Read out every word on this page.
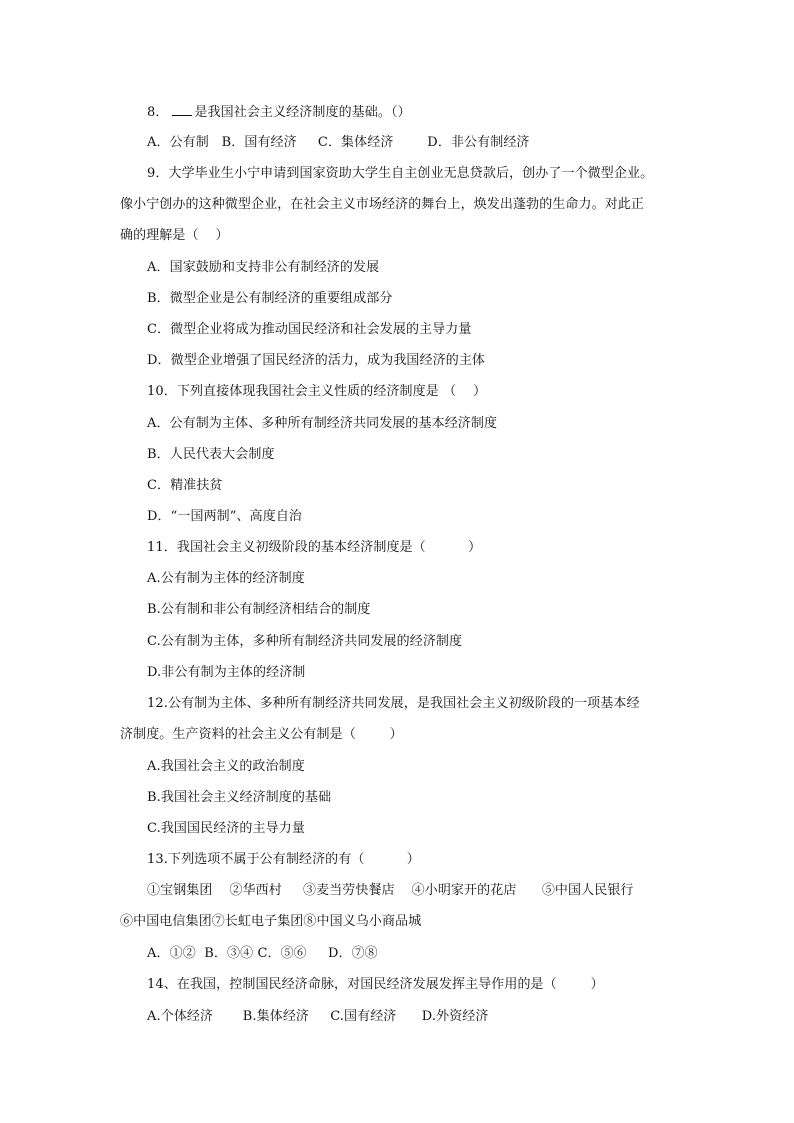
8． 是我国社会主义经济制度的基础。（）
A．公有制   B．国有经济     C．集体经济        D．非公有制经济
9．大学毕业生小宁申请到国家资助大学生自主创业无息贷款后，创办了一个微型企业。
像小宁创办的这种微型企业，在社会主义市场经济的舞台上，焕发出蓬勃的生命力。对此正
确的理解是（    ）
A．国家鼓励和支持非公有制经济的发展
B．微型企业是公有制经济的重要组成部分
C．微型企业将成为推动国民经济和社会发展的主导力量
D．微型企业增强了国民经济的活力，成为我国经济的主体
10．下列直接体现我国社会主义性质的经济制度是 （    ）
A．公有制为主体、多种所有制经济共同发展的基本经济制度
B．人民代表大会制度
C．精准扶贫
D．“一国两制”、高度自治
11．我国社会主义初级阶段的基本经济制度是（          ）
A.公有制为主体的经济制度
B.公有制和非公有制经济相结合的制度
C.公有制为主体，多种所有制经济共同发展的经济制度
D.非公有制为主体的经济制
12.公有制为主体、多种所有制经济共同发展，是我国社会主义初级阶段的一项基本经
济制度。生产资料的社会主义公有制是（        ）
A.我国社会主义的政治制度
B.我国社会主义经济制度的基础
C.我国国民经济的主导力量
13.下列选项不属于公有制经济的有（          ）
①宝钢集团    ②华西村     ③麦当劳快餐店    ④小明家开的花店      ⑤中国人民银行
⑥中国电信集团⑦长虹电子集团⑧中国义乌小商品城
A．①②  B．③④ C．⑤⑥     D．⑦⑧
14、在我国，控制国民经济命脉，对国民经济发展发挥主导作用的是（        ）
A.个体经济       B.集体经济     C.国有经济      D.外资经济
